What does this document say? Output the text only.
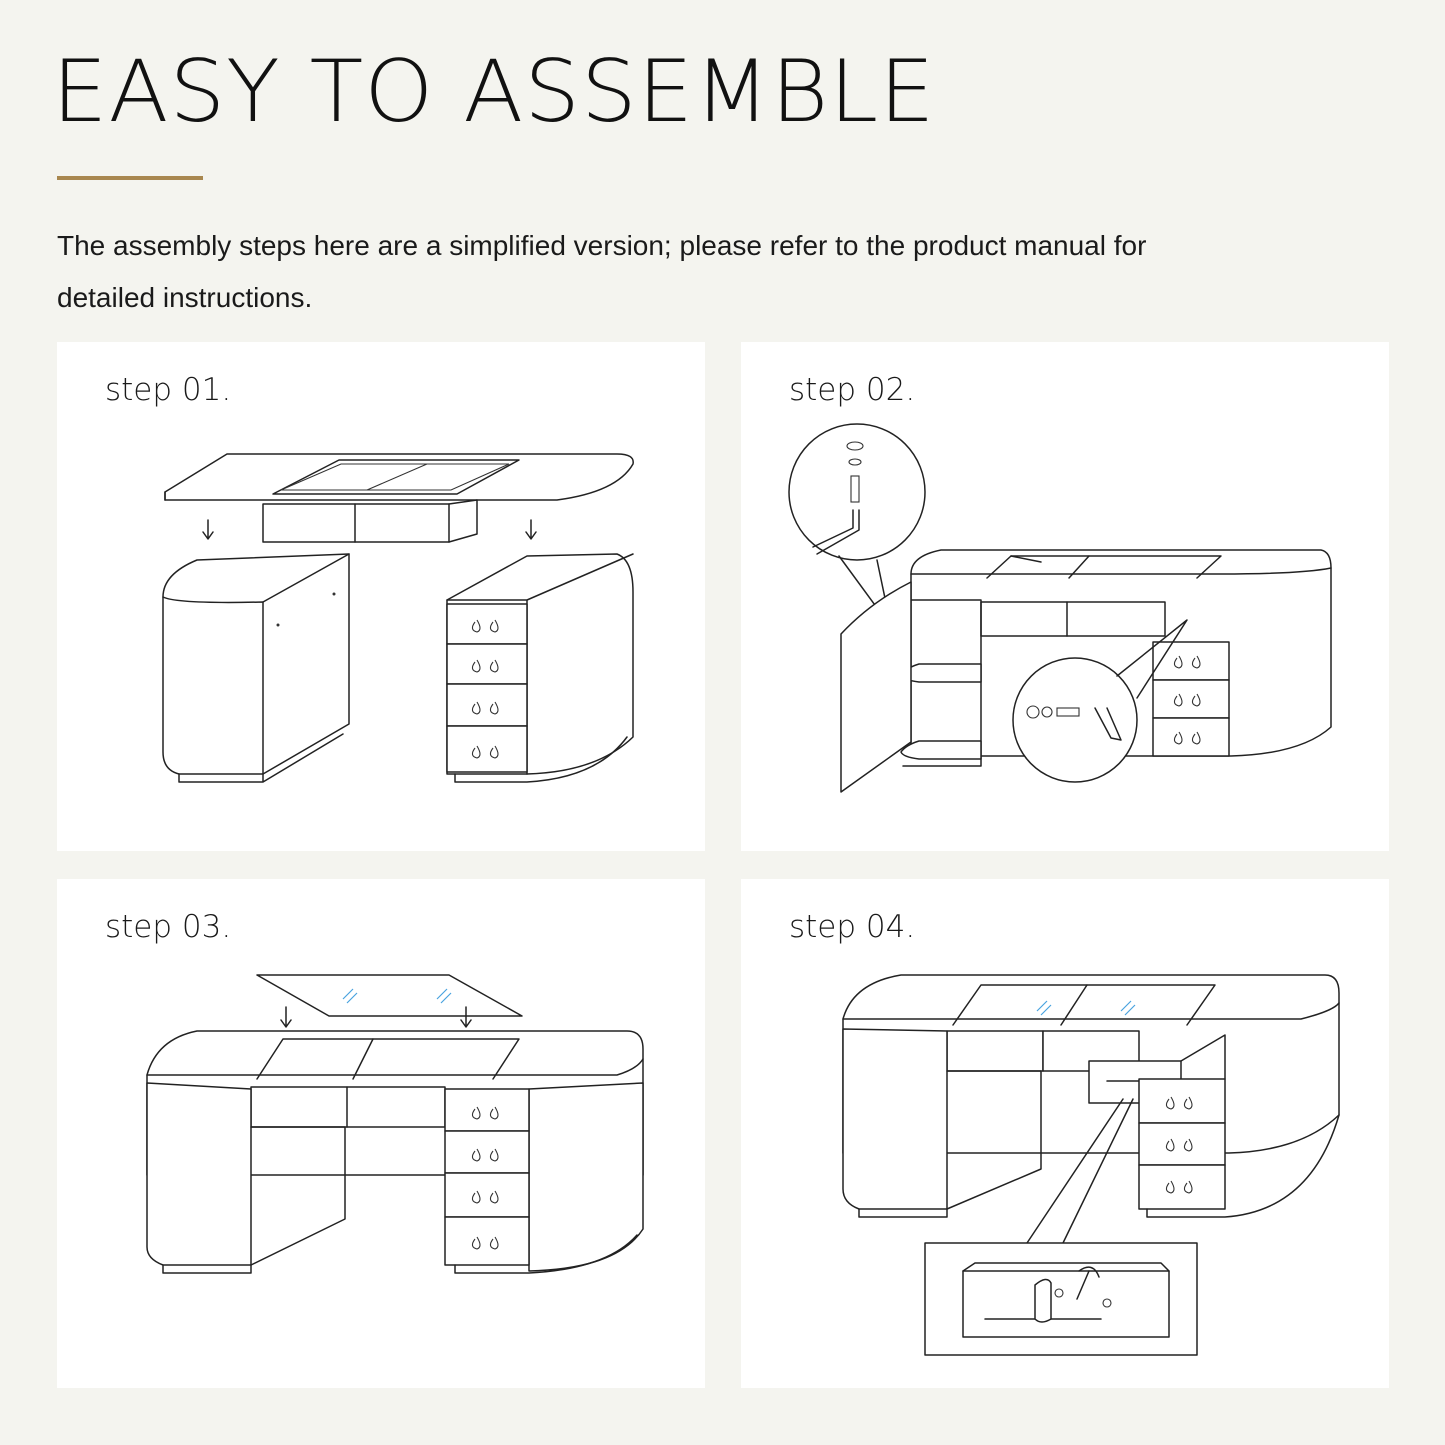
EASY TO ASSEMBLE

The assembly steps here are a simplified version; please refer to the product manual for detailed instructions.

step 01.	step 02.
step 03.	step 04.
